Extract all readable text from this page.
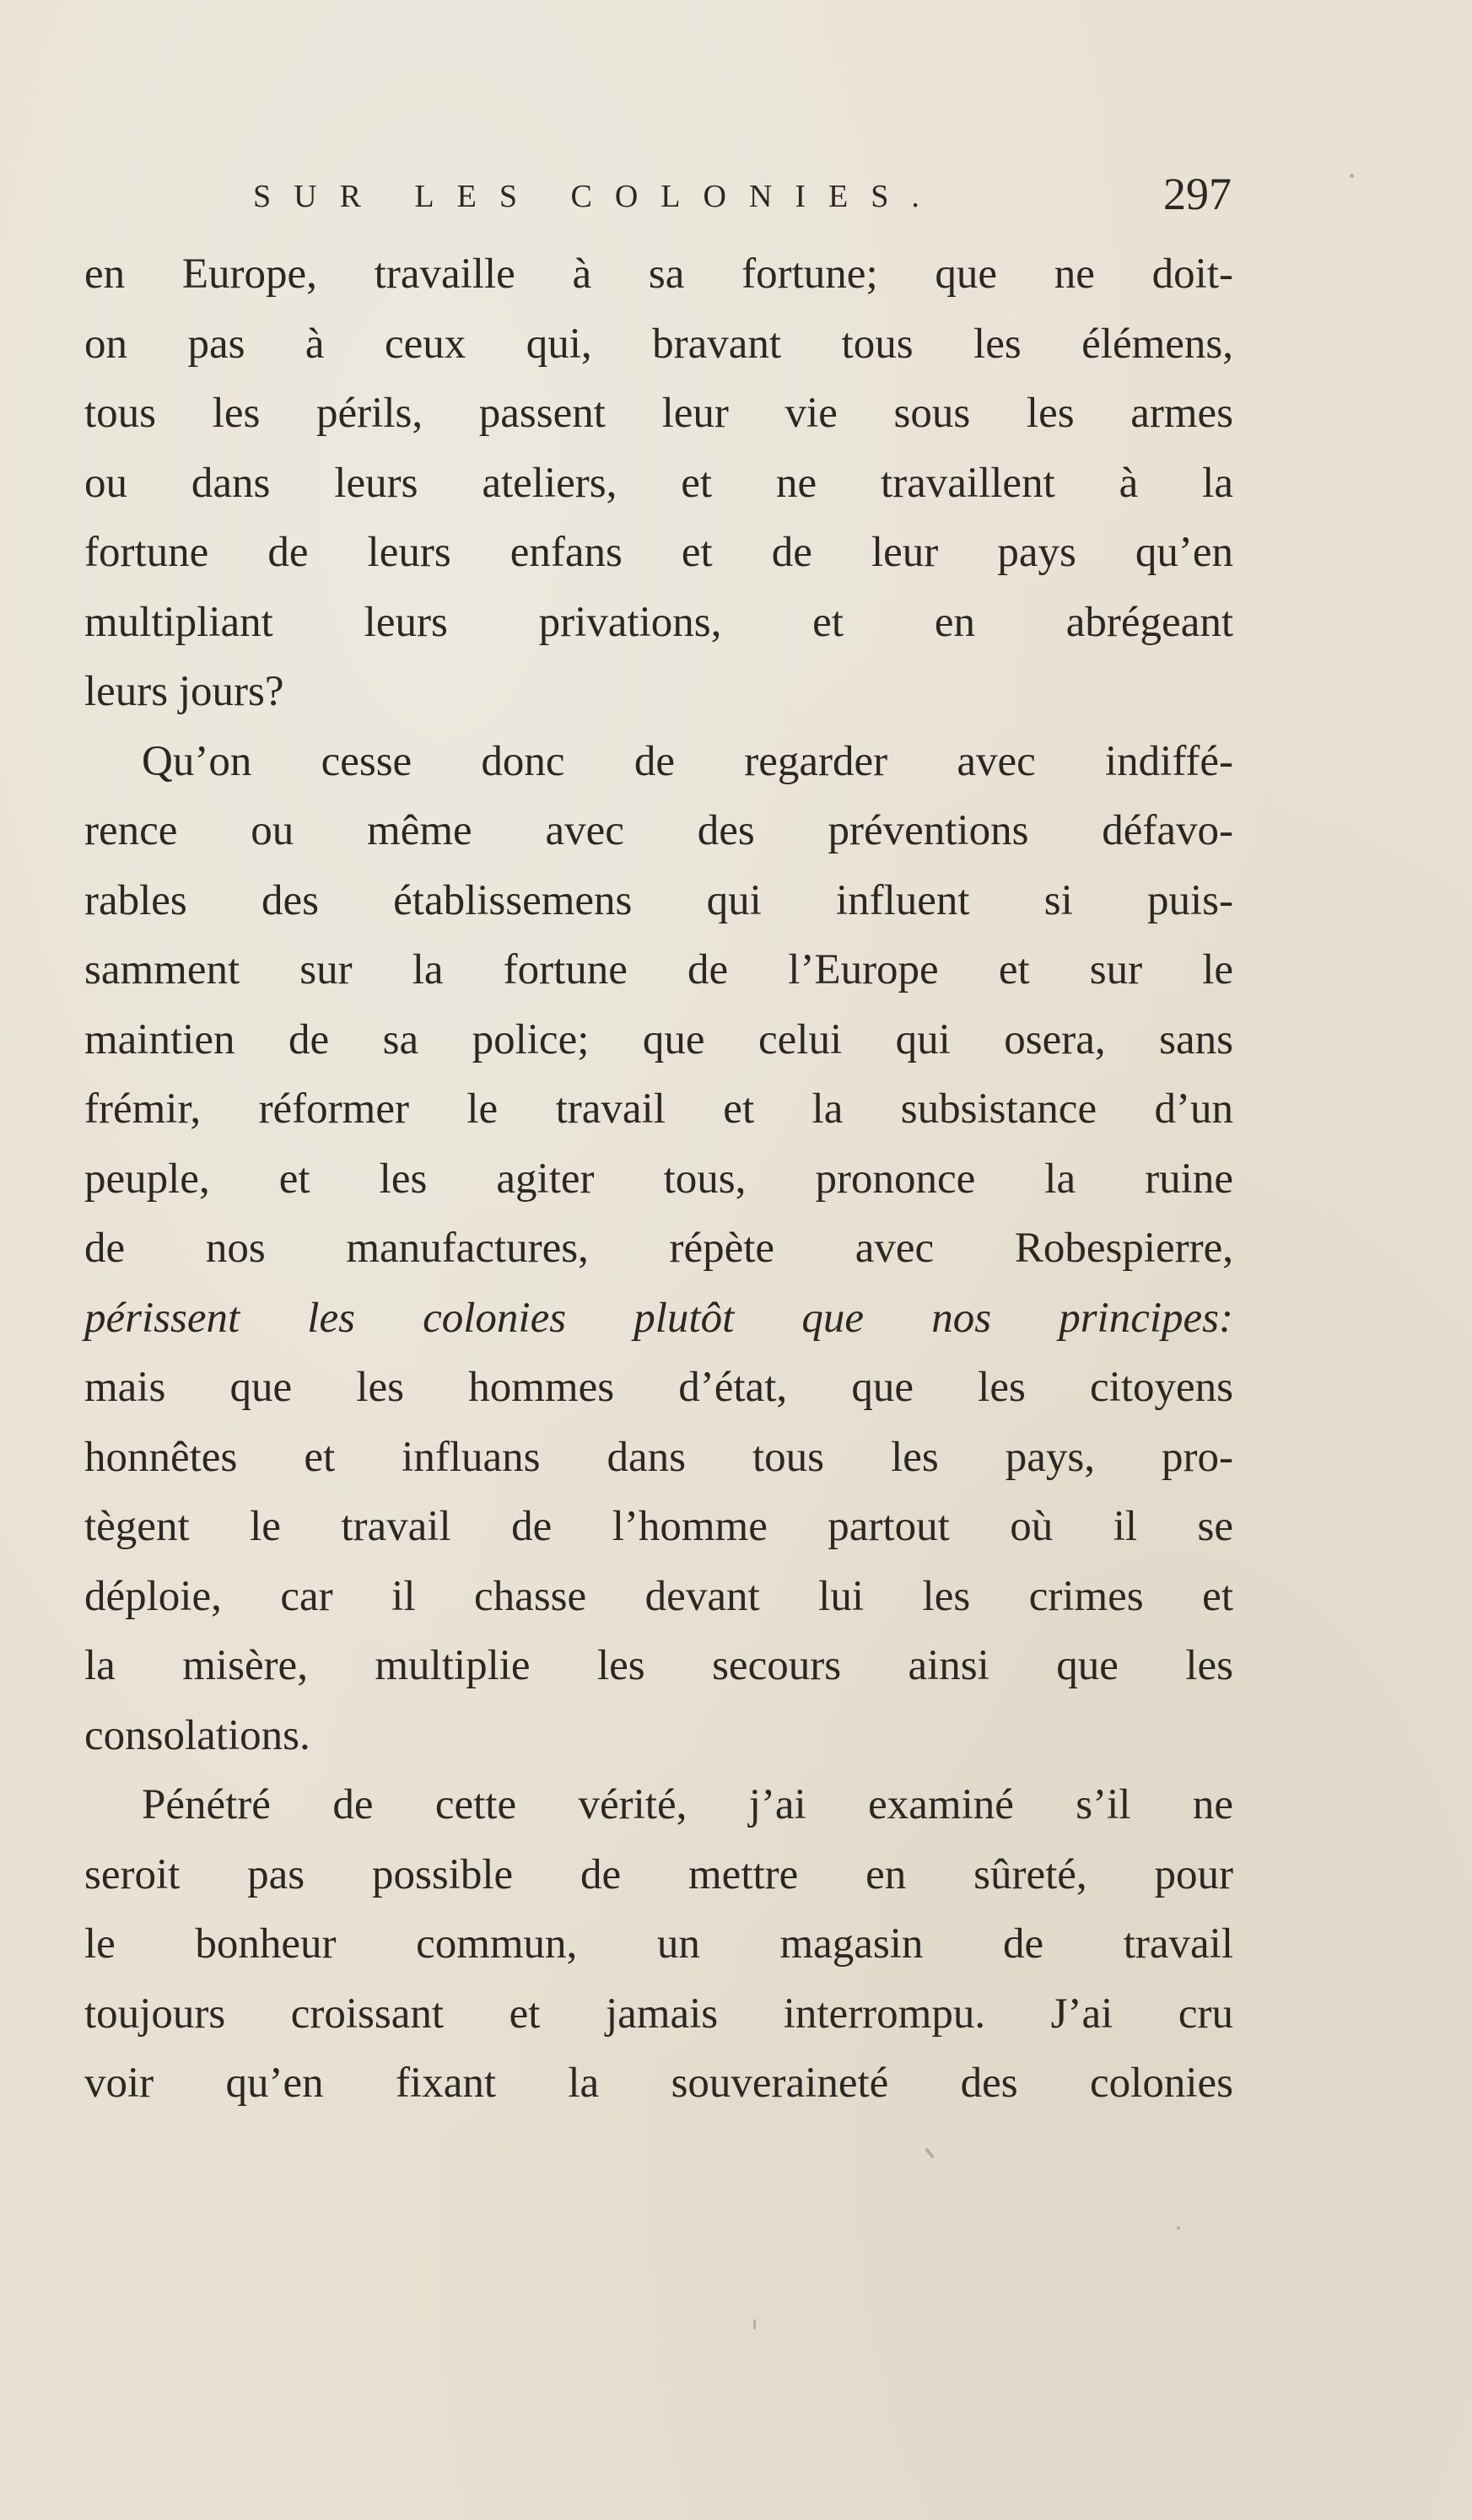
SUR LES COLONIES.	297
en Europe, travaille à sa fortune; que ne doit-
on pas à ceux qui, bravant tous les élémens,
tous les périls, passent leur vie sous les armes
ou dans leurs ateliers, et ne travaillent à la
fortune de leurs enfans et de leur pays qu’en
multipliant leurs privations, et en abrégeant
leurs jours?
Qu’on cesse donc de regarder avec indiffé-
rence ou même avec des préventions défavo-
rables des établissemens qui influent si puis-
samment sur la fortune de l’Europe et sur le
maintien de sa police; que celui qui osera, sans
frémir, réformer le travail et la subsistance d’un
peuple, et les agiter tous, prononce la ruine
de nos manufactures, répète avec Robespierre,
périssent les colonies plutôt que nos principes:
mais que les hommes d’état, que les citoyens
honnêtes et influans dans tous les pays, pro-
tègent le travail de l’homme partout où il se
déploie, car il chasse devant lui les crimes et
la misère, multiplie les secours ainsi que les
consolations.
Pénétré de cette vérité, j’ai examiné s’il ne
seroit pas possible de mettre en sûreté, pour
le bonheur commun, un magasin de travail
toujours croissant et jamais interrompu. J’ai cru
voir qu’en fixant la souveraineté des colonies
